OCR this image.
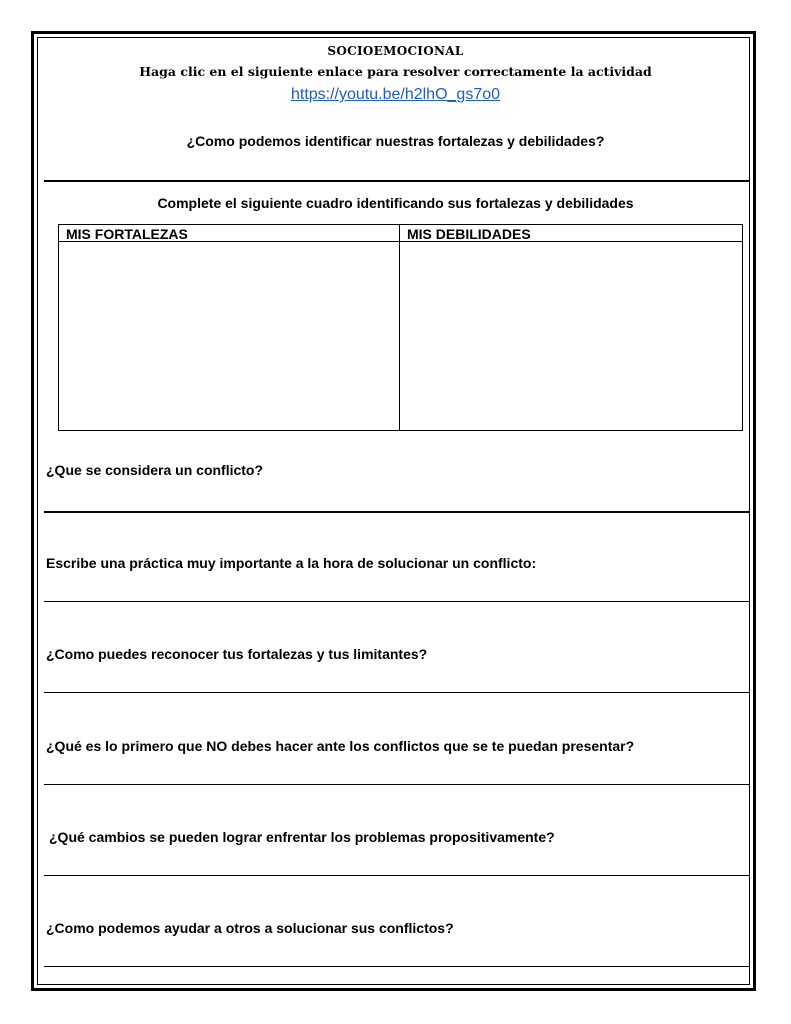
SOCIOEMOCIONAL
Haga clic en el siguiente enlace para resolver correctamente la actividad
https://youtu.be/h2lhO_gs7o0
¿Como podemos identificar nuestras fortalezas y debilidades?
Complete el siguiente cuadro identificando sus fortalezas y debilidades
MIS FORTALEZAS	MIS DEBILIDADES
¿Que se considera un conflicto?
Escribe una práctica muy importante a la hora de solucionar un conflicto:
¿Como puedes reconocer tus fortalezas y tus limitantes?
¿Qué es lo primero que NO debes hacer ante los conflictos que se te puedan presentar?
¿Qué cambios se pueden lograr enfrentar los problemas propositivamente?
¿Como podemos ayudar a otros a solucionar sus conflictos?
